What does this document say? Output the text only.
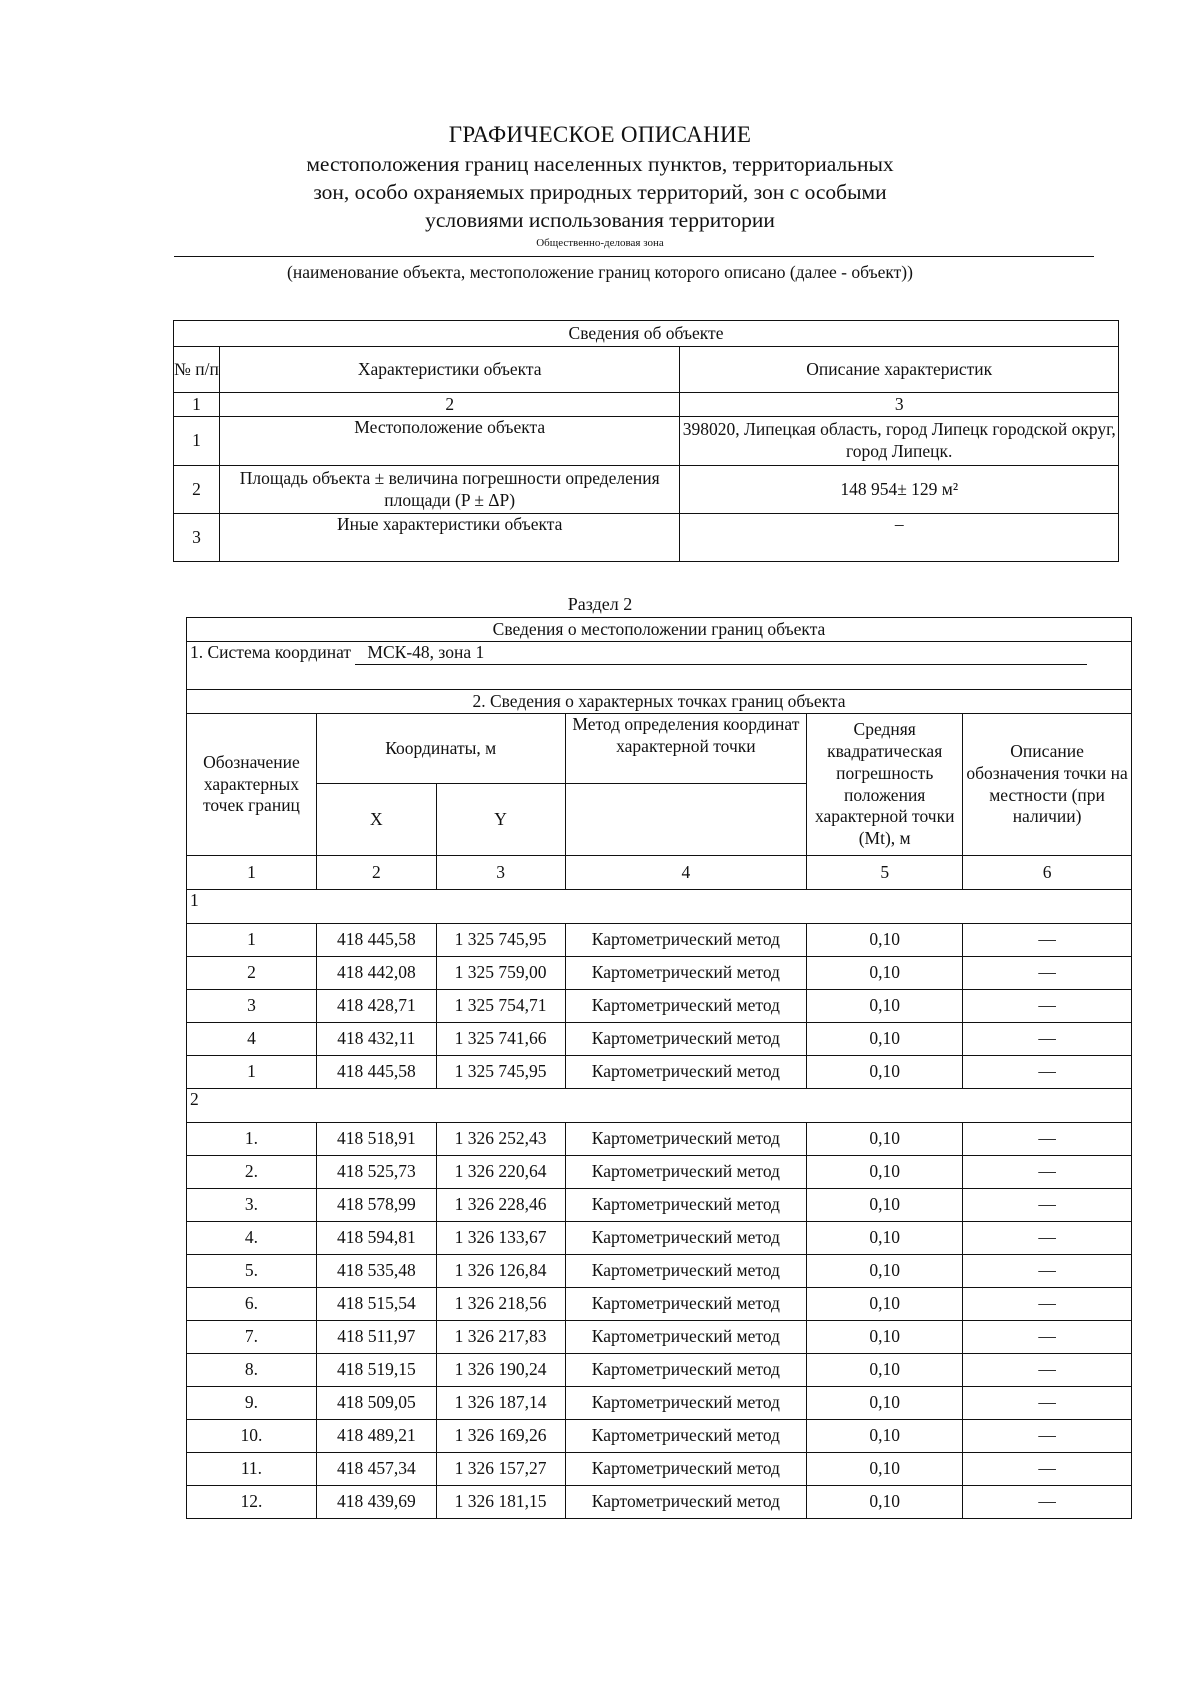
ГРАФИЧЕСКОЕ ОПИСАНИЕ
местоположения границ населенных пунктов, территориальных
зон, особо охраняемых природных территорий, зон с особыми
условиями использования территории
Общественно-деловая зона
(наименование объекта, местоположение границ которого описано (далее - объект))
Сведения об объекте		
№ п/п	Характеристики объекта	Описание характеристик
1	2	3
1	Местоположение объекта	398020, Липецкая область, город Липецк городской округ, город Липецк.
2	Площадь объекта ± величина погрешности определения площади (P ± ΔP)	148 954± 129 м²
3	Иные характеристики объекта	–
Раздел 2
Сведения о местоположении границ объекта					
1. Система координат МСК-48, зона 1					
2. Сведения о характерных точках границ объекта					
Обозначение характерных точек границ	Координаты, м		Метод определения координат характерной точки	Средняя квадратическая погрешность положения характерной точки (Mt), м	Описание обозначения точки на местности (при наличии)
	X	Y			
1	2	3	4	5	6
1					
1	418 445,58	1 325 745,95	Картометрический метод	0,10	—
2	418 442,08	1 325 759,00	Картометрический метод	0,10	—
3	418 428,71	1 325 754,71	Картометрический метод	0,10	—
4	418 432,11	1 325 741,66	Картометрический метод	0,10	—
1	418 445,58	1 325 745,95	Картометрический метод	0,10	—
2					
1.	418 518,91	1 326 252,43	Картометрический метод	0,10	—
2.	418 525,73	1 326 220,64	Картометрический метод	0,10	—
3.	418 578,99	1 326 228,46	Картометрический метод	0,10	—
4.	418 594,81	1 326 133,67	Картометрический метод	0,10	—
5.	418 535,48	1 326 126,84	Картометрический метод	0,10	—
6.	418 515,54	1 326 218,56	Картометрический метод	0,10	—
7.	418 511,97	1 326 217,83	Картометрический метод	0,10	—
8.	418 519,15	1 326 190,24	Картометрический метод	0,10	—
9.	418 509,05	1 326 187,14	Картометрический метод	0,10	—
10.	418 489,21	1 326 169,26	Картометрический метод	0,10	—
11.	418 457,34	1 326 157,27	Картометрический метод	0,10	—
12.	418 439,69	1 326 181,15	Картометрический метод	0,10	—
